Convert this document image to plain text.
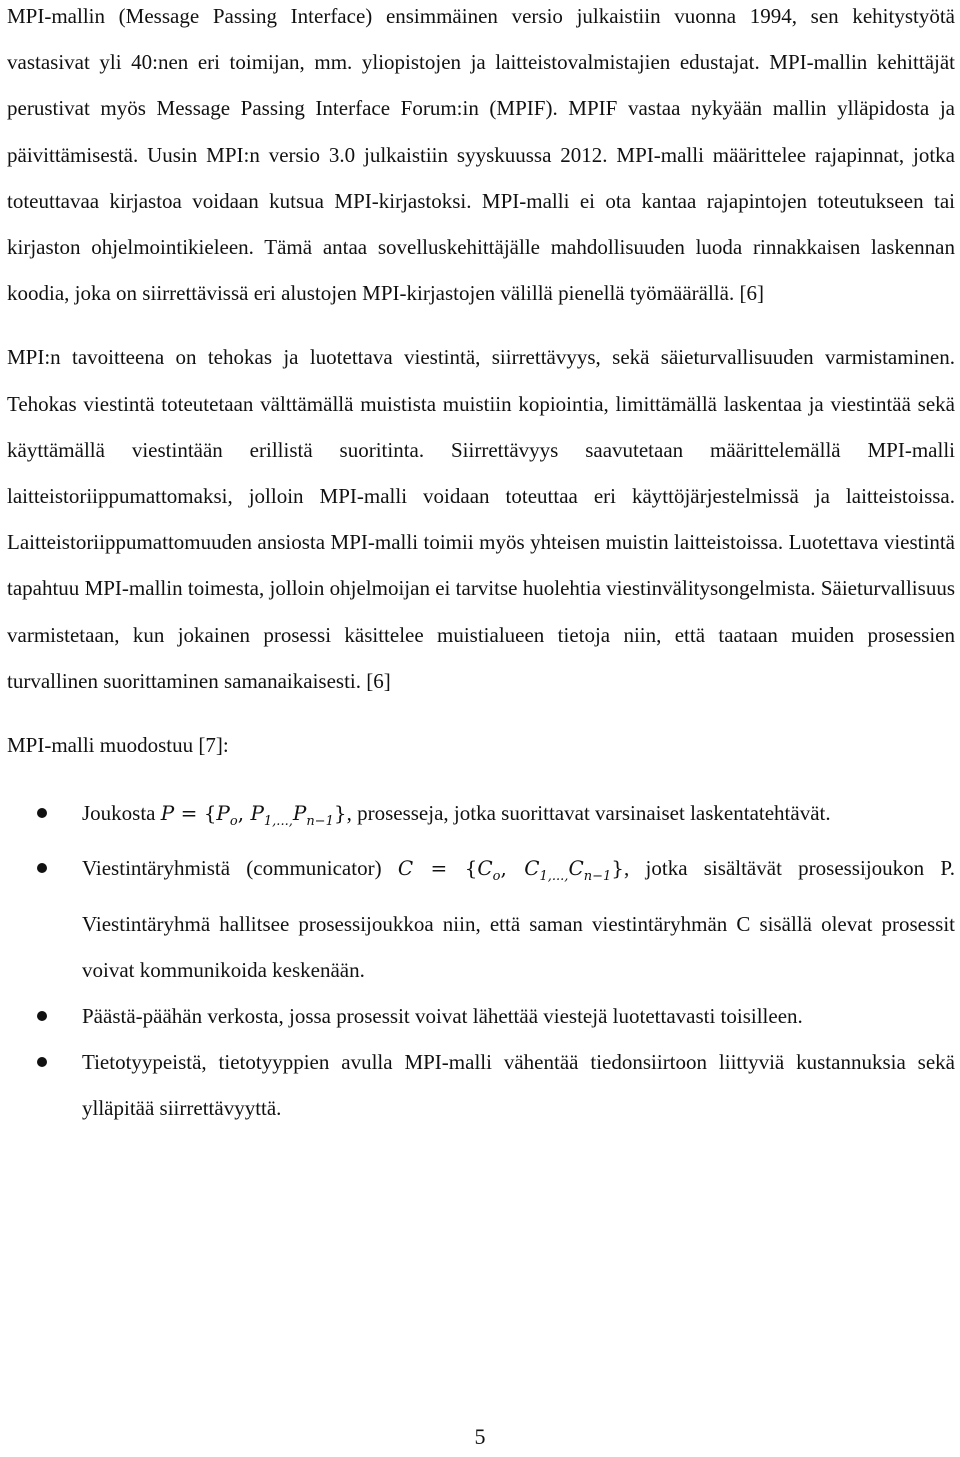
MPI-mallin (Message Passing Interface) ensimmäinen versio julkaistiin vuonna 1994, sen kehitystyötä vastasivat yli 40:nen eri toimijan, mm. yliopistojen ja laitteistovalmistajien edustajat. MPI-mallin kehittäjät perustivat myös Message Passing Interface Forum:in (MPIF). MPIF vastaa nykyään mallin ylläpidosta ja päivittämisestä. Uusin MPI:n versio 3.0 julkaistiin syyskuussa 2012. MPI-malli määrittelee rajapinnat, jotka toteuttavaa kirjastoa voidaan kutsua MPI-kirjastoksi. MPI-malli ei ota kantaa rajapintojen toteutukseen tai kirjaston ohjelmointikieleen. Tämä antaa sovelluskehittäjälle mahdollisuuden luoda rinnakkaisen laskennan koodia, joka on siirrettävissä eri alustojen MPI-kirjastojen välillä pienellä työmäärällä. [6]

MPI:n tavoitteena on tehokas ja luotettava viestintä, siirrettävyys, sekä säieturvallisuuden varmistaminen. Tehokas viestintä toteutetaan välttämällä muistista muistiin kopiointia, limittämällä laskentaa ja viestintää sekä käyttämällä viestintään erillistä suoritinta. Siirrettävyys saavutetaan määrittelemällä MPI-malli laitteistoriippumattomaksi, jolloin MPI-malli voidaan toteuttaa eri käyttöjärjestelmissä ja laitteistoissa. Laitteistoriippumattomuuden ansiosta MPI-malli toimii myös yhteisen muistin laitteistoissa. Luotettava viestintä tapahtuu MPI-mallin toimesta, jolloin ohjelmoijan ei tarvitse huolehtia viestinvälitysongelmista. Säieturvallisuus varmistetaan, kun jokainen prosessi käsittelee muistialueen tietoja niin, että taataan muiden prosessien turvallinen suorittaminen samanaikaisesti. [6]

MPI-malli muodostuu [7]:

Joukosta $P = \{P_o$, $P_{1,...,}P_{n-1}$}, prosesseja, jotka suorittavat varsinaiset laskentatehtävät.
Viestintäryhmistä (communicator) $C = \{C_o$, $C_{1,...,}C_{n-1}$}, jotka sisältävät prosessijoukon P. Viestintäryhmä hallitsee prosessijoukkoa niin, että saman viestintäryhmän C sisällä olevat prosessit voivat kommunikoida keskenään.
Päästä-päähän verkosta, jossa prosessit voivat lähettää viestejä luotettavasti toisilleen.
Tietotyypeistä, tietotyyppien avulla MPI-malli vähentää tiedonsiirtoon liittyviä kustannuksia sekä ylläpitää siirrettävyyttä.
5
